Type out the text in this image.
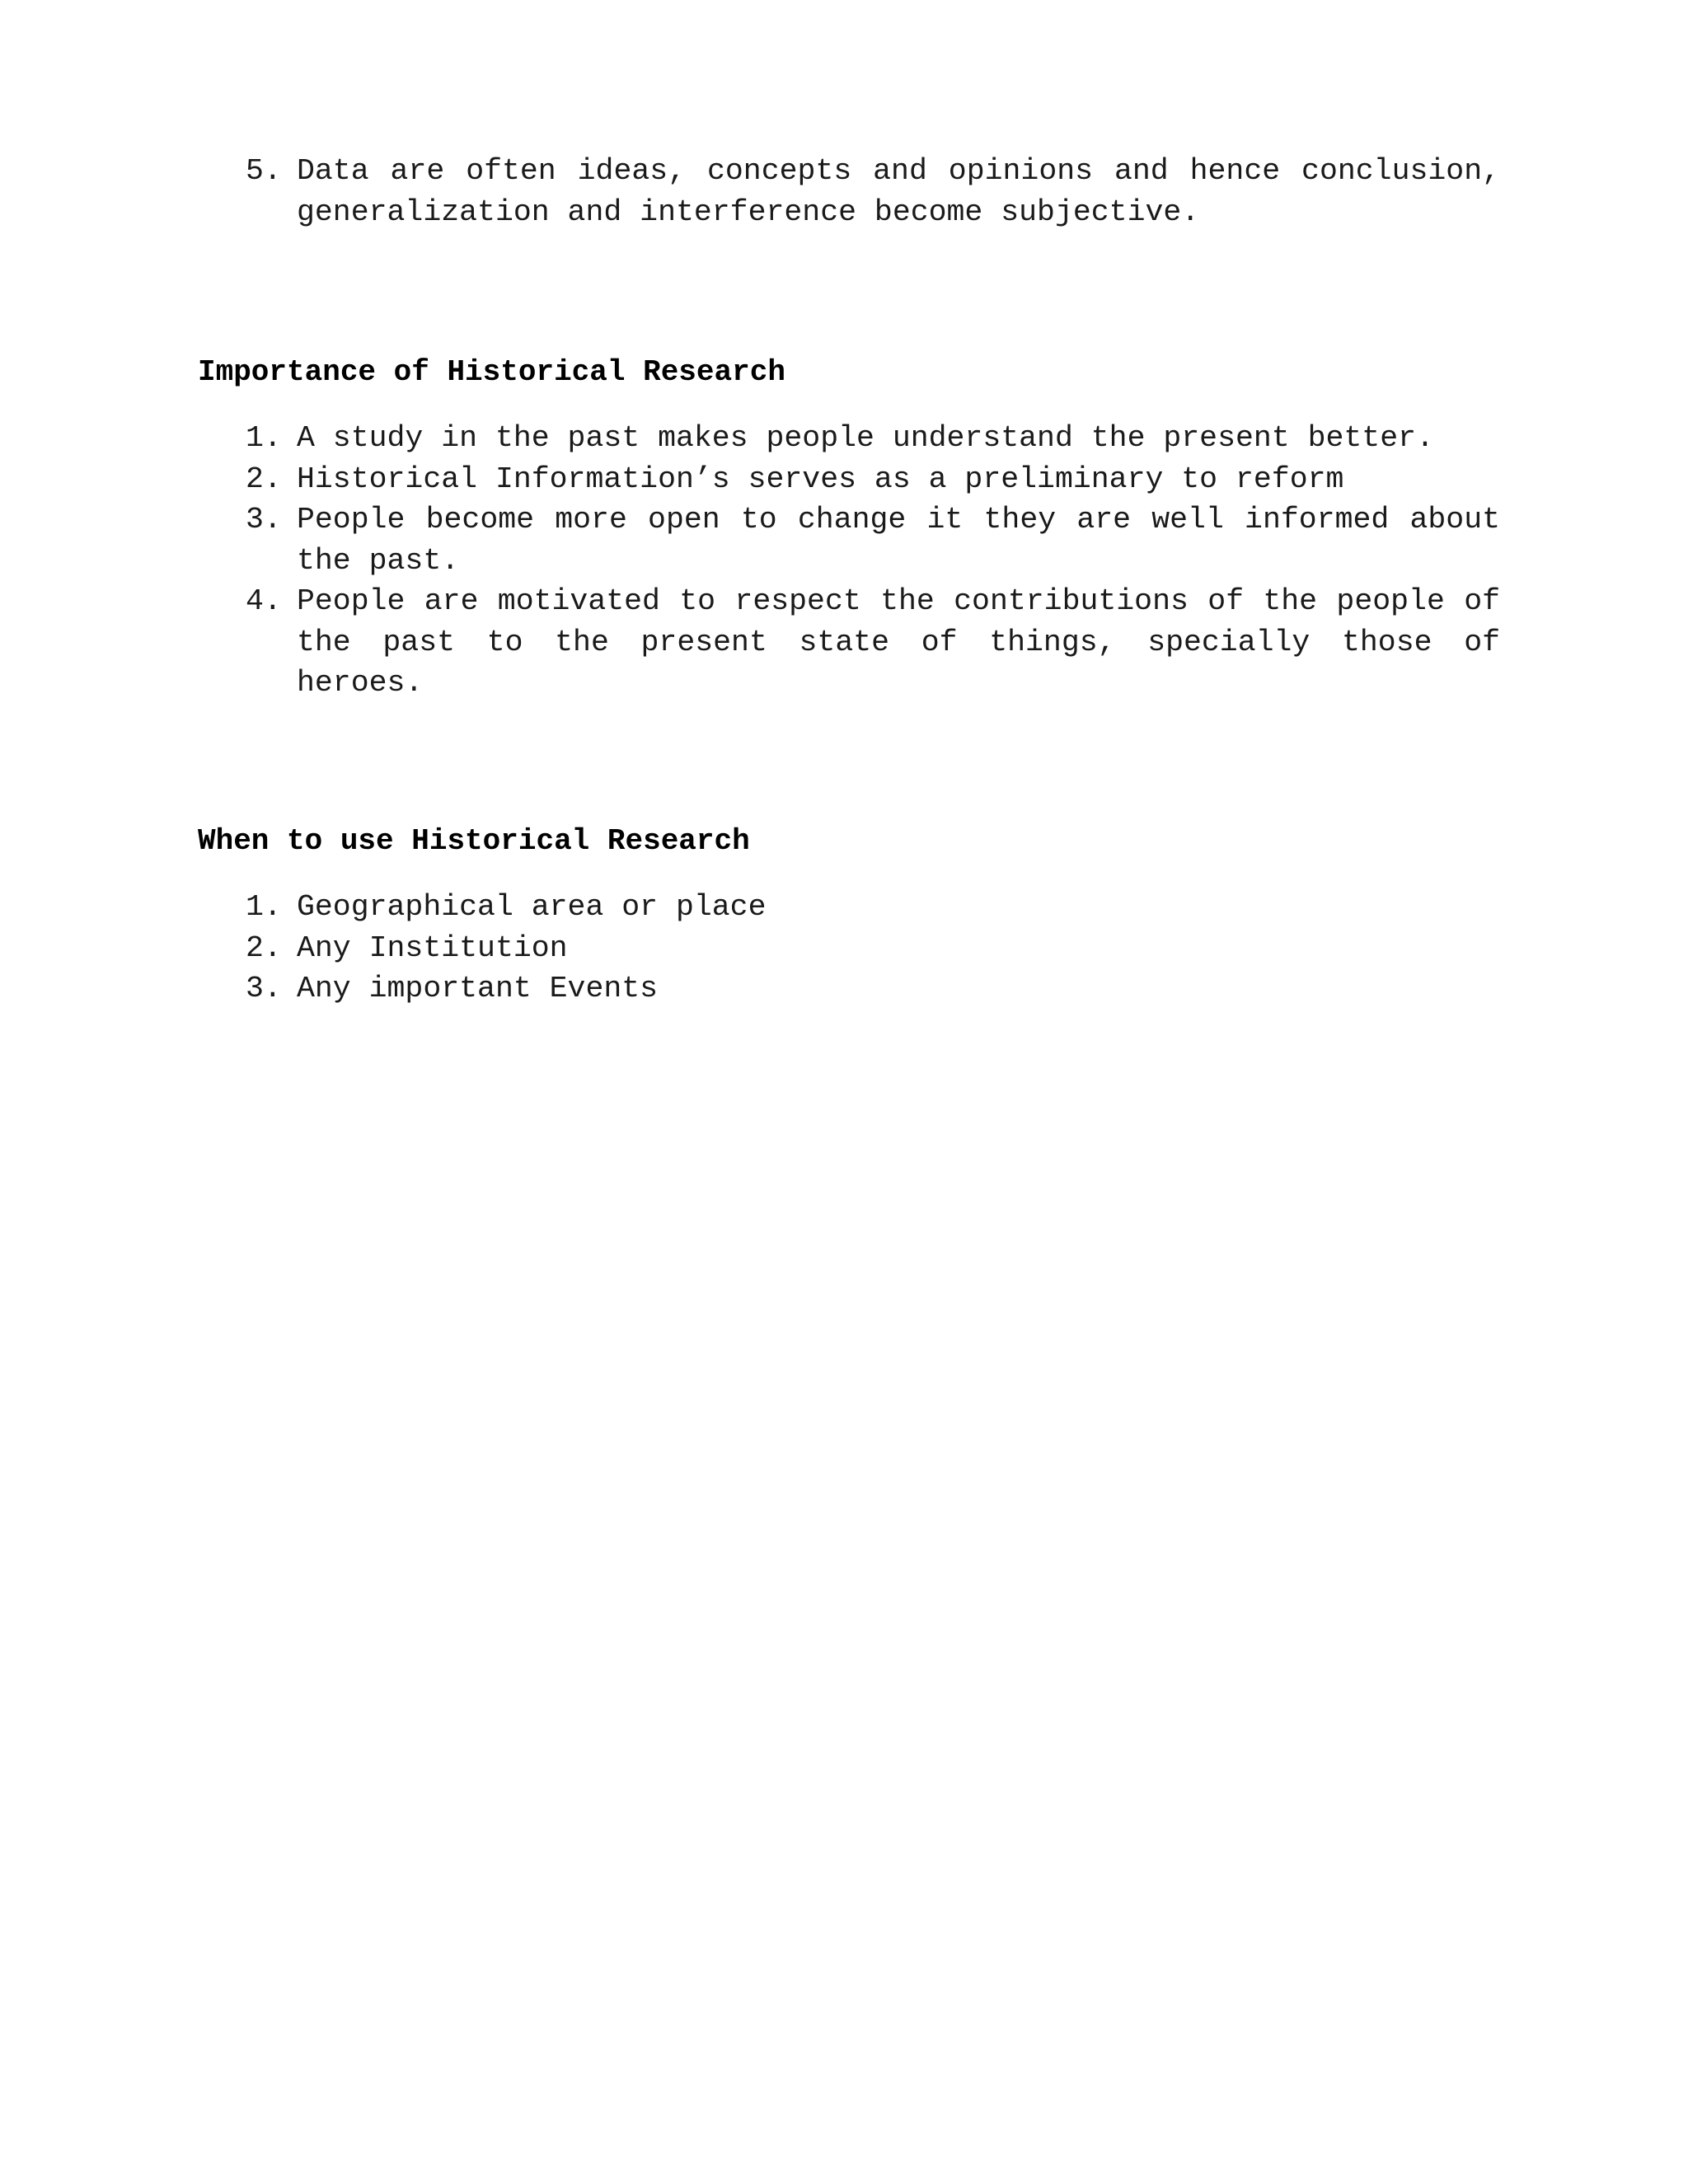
5. Data are often ideas, concepts and opinions and hence conclusion, generalization and interference become subjective.
Importance of Historical Research
1. A study in the past makes people understand the present better.
2. Historical Information’s serves as a preliminary to reform
3. People become more open to change it they are well informed about the past.
4. People are motivated to respect the contributions of the people of the past to the present state of things, specially those of heroes.
When to use Historical Research
1. Geographical area or place
2. Any Institution
3. Any important Events
